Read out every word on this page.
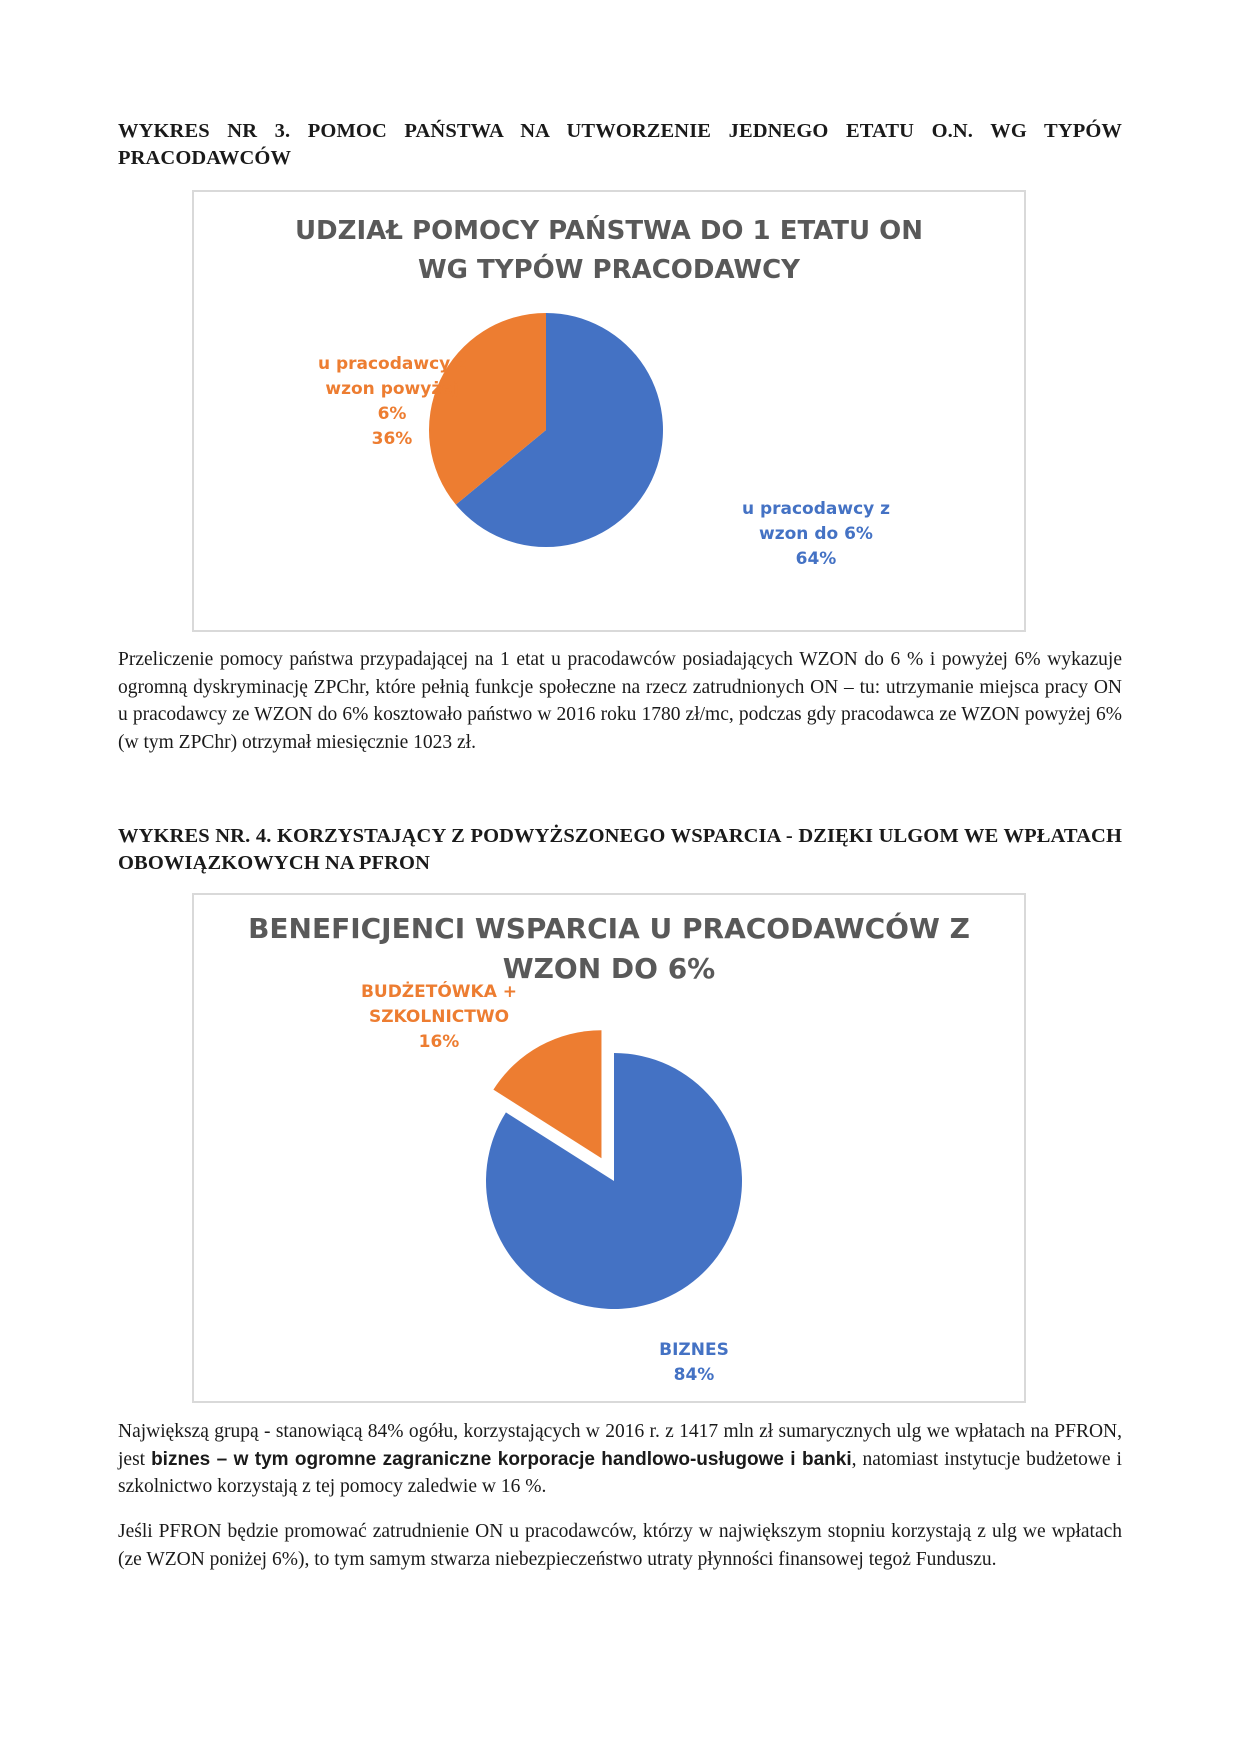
WYKRES NR 3. POMOC PAŃSTWA NA UTWORZENIE JEDNEGO ETATU O.N. WG TYPÓW PRACODAWCÓW

UDZIAŁ POMOCY PAŃSTWA DO 1 ETATU ON
WG TYPÓW PRACODAWCY
u pracodawcy z
wzon powyżej
6%
36%
u pracodawcy z
wzon do 6%
64%

Przeliczenie pomocy państwa przypadającej na 1 etat u pracodawców posiadających WZON do 6 % i powyżej 6% wykazuje ogromną dyskryminację ZPChr, które pełnią funkcje społeczne na rzecz zatrudnionych ON – tu: utrzymanie miejsca pracy ON u pracodawcy ze WZON do 6% kosztowało państwo w 2016 roku 1780 zł/mc, podczas gdy pracodawca ze WZON powyżej 6% (w tym ZPChr) otrzymał miesięcznie 1023 zł.

WYKRES NR. 4. KORZYSTAJĄCY Z PODWYŻSZONEGO WSPARCIA - DZIĘKI ULGOM WE WPŁATACH OBOWIĄZKOWYCH NA PFRON

BENEFICJENCI WSPARCIA U PRACODAWCÓW Z
WZON DO 6%
BUDŻETÓWKA +
SZKOLNICTWO
16%
BIZNES
84%

Największą grupą - stanowiącą 84% ogółu, korzystających w 2016 r. z 1417 mln zł sumarycznych ulg we wpłatach na PFRON, jest biznes – w tym ogromne zagraniczne korporacje handlowo-usługowe i banki, natomiast instytucje budżetowe i szkolnictwo korzystają z tej pomocy zaledwie w 16 %.

Jeśli PFRON będzie promować zatrudnienie ON u pracodawców, którzy w największym stopniu korzystają z ulg we wpłatach (ze WZON poniżej 6%), to tym samym stwarza niebezpieczeństwo utraty płynności finansowej tegoż Funduszu.
